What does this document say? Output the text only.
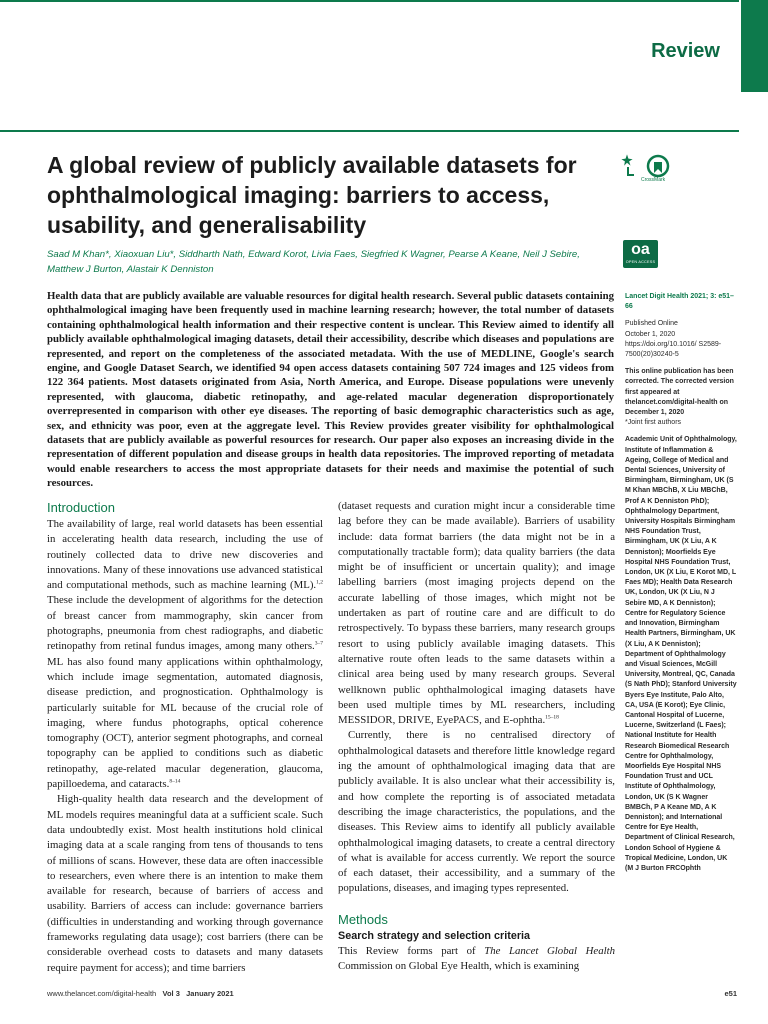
Review
A global review of publicly available datasets for ophthalmological imaging: barriers to access, usability, and generalisability
CrossMark
oa
OPEN ACCESS
Saad M Khan*, Xiaoxuan Liu*, Siddharth Nath, Edward Korot, Livia Faes, Siegfried K Wagner, Pearse A Keane, Neil J Sebire, Matthew J Burton, Alastair K Denniston

Health data that are publicly available are valuable resources for digital health research. Several public datasets containing ophthalmological imaging have been frequently used in machine learning research; however, the total number of datasets containing ophthalmological health information and their respective content is unclear. This Review aimed to identify all publicly available ophthalmological imaging datasets, detail their accessibility, describe which diseases and populations are represented, and report on the completeness of the associated metadata. With the use of MEDLINE, Google's search engine, and Google Dataset Search, we identified 94 open access datasets containing 507 724 images and 125 videos from 122 364 patients. Most datasets originated from Asia, North America, and Europe. Disease populations were unevenly represented, with glaucoma, diabetic retinopathy, and age-related macular degeneration disproportionately overrepresented in comparison with other eye diseases. The reporting of basic demographic characteristics such as age, sex, and ethnicity was poor, even at the aggregate level. This Review provides greater visibility for ophthalmological datasets that are publicly available as powerful resources for research. Our paper also exposes an increasing divide in the representation of different population and disease groups in health data repositories. The improved reporting of metadata would enable researchers to access the most appropriate datasets for their needs and maximise the potential of such resources.

Introduction

The availability of large, real world datasets has been essential in accelerating health data research, including the use of routinely collected data to drive new discoveries and innovations. Many of these innovations use advanced statistical and computational methods, such as machine learning (ML).$^{1,2}$ These include the development of algorithms for the detection of breast cancer from mammography, skin cancer from photographs, pneumonia from chest radiographs, and diabetic retinopathy from retinal fundus images, among many others.$^{3-7}$ ML has also found many applications within ophthalmology, which include image segmentation, automated diagnosis, disease prediction, and prognostication. Ophthalmology is particularly suitable for ML because of the crucial role of imaging, where fundus photographs, optical coherence tomography (OCT), anterior segment photographs, and corneal topography can be applied to conditions such as diabetic retinopathy, age-related macular degeneration, glaucoma, papilloedema, and cataracts.$^{8-14}$

High-quality health data research and the development of ML models requires meaningful data at a sufficient scale. Such data undoubtedly exist. Most health institutions hold clinical imaging data at a scale ranging from tens of thousands to tens of millions of scans. However, these data are often inaccessible to researchers, even where there is an intention to make them available for research, because of barriers of access and usability. Barriers of access can include: governance barriers (difficulties in understanding and working through governance frameworks regulating data usage); cost barriers (there can be considerable overhead costs to datasets and many datasets require payment for access); and time barriers

(dataset requests and curation might incur a considerable time lag before they can be made available). Barriers of usability include: data format barriers (the data might not be in a computationally tractable form); data quality barriers (the data might be of insufficient or uncertain quality); and image labelling barriers (most imaging projects depend on the accurate labelling of those images, which might not be undertaken as part of routine care and are difficult to do retrospectively. To bypass these barriers, many research groups resort to using publicly available imaging datasets. This alternative route often leads to the same datasets within a clinical area being used by many research groups. Several wellknown public ophthalmological imaging datasets have been used multiple times by ML researchers, including MESSIDOR, DRIVE, EyePACS, and E-ophtha.$^{15-18}$

Currently, there is no centralised directory of ophthalmological datasets and therefore little knowledge regard ing the amount of ophthalmological imaging data that are publicly available. It is also unclear what their accessibility is, and how complete the reporting is of associated metadata describing the image characteristics, the populations, and the diseases. This Review aims to identify all publicly available ophthalmological imaging datasets, to create a central directory of what is available for access currently. We report the source of each dataset, their accessibility, and a summary of the populations, diseases, and imaging types represented.

Methods
Search strategy and selection criteria

This Review forms part of The Lancet Global Health Commission on Global Eye Health, which is examining

Lancet Digit Health 2021; 3: e51–66
Published Online
October 1, 2020
https://doi.org/10.1016/ S2589-7500(20)30240-5
This online publication has been corrected. The corrected version first appeared at thelancet.com/digital-health on December 1, 2020
*Joint first authors
Academic Unit of Ophthalmology, Institute of Inflammation & Ageing, College of Medical and Dental Sciences, University of Birmingham, Birmingham, UK (S M Khan MBChB, X Liu MBChB, Prof A K Denniston PhD); Ophthalmology Department, University Hospitals Birmingham NHS Foundation Trust, Birmingham, UK (X Liu, A K Denniston); Moorfields Eye Hospital NHS Foundation Trust, London, UK (X Liu, E Korot MD, L Faes MD); Health Data Research UK, London, UK (X Liu, N J Sebire MD, A K Denniston); Centre for Regulatory Science and Innovation, Birmingham Health Partners, Birmingham, UK (X Liu, A K Denniston); Department of Ophthalmology and Visual Sciences, McGill University, Montreal, QC, Canada (S Nath PhD); Stanford University Byers Eye Institute, Palo Alto, CA, USA (E Korot); Eye Clinic, Cantonal Hospital of Lucerne, Lucerne, Switzerland (L Faes); National Institute for Health Research Biomedical Research Centre for Ophthalmology, Moorfields Eye Hospital NHS Foundation Trust and UCL Institute of Ophthalmology, London, UK (S K Wagner BMBCh, P A Keane MD, A K Denniston); and International Centre for Eye Health, Department of Clinical Research, London School of Hygiene & Tropical Medicine, London, UK (M J Burton FRCOphth
www.thelancet.com/digital-health Vol 3 January 2021	e51
